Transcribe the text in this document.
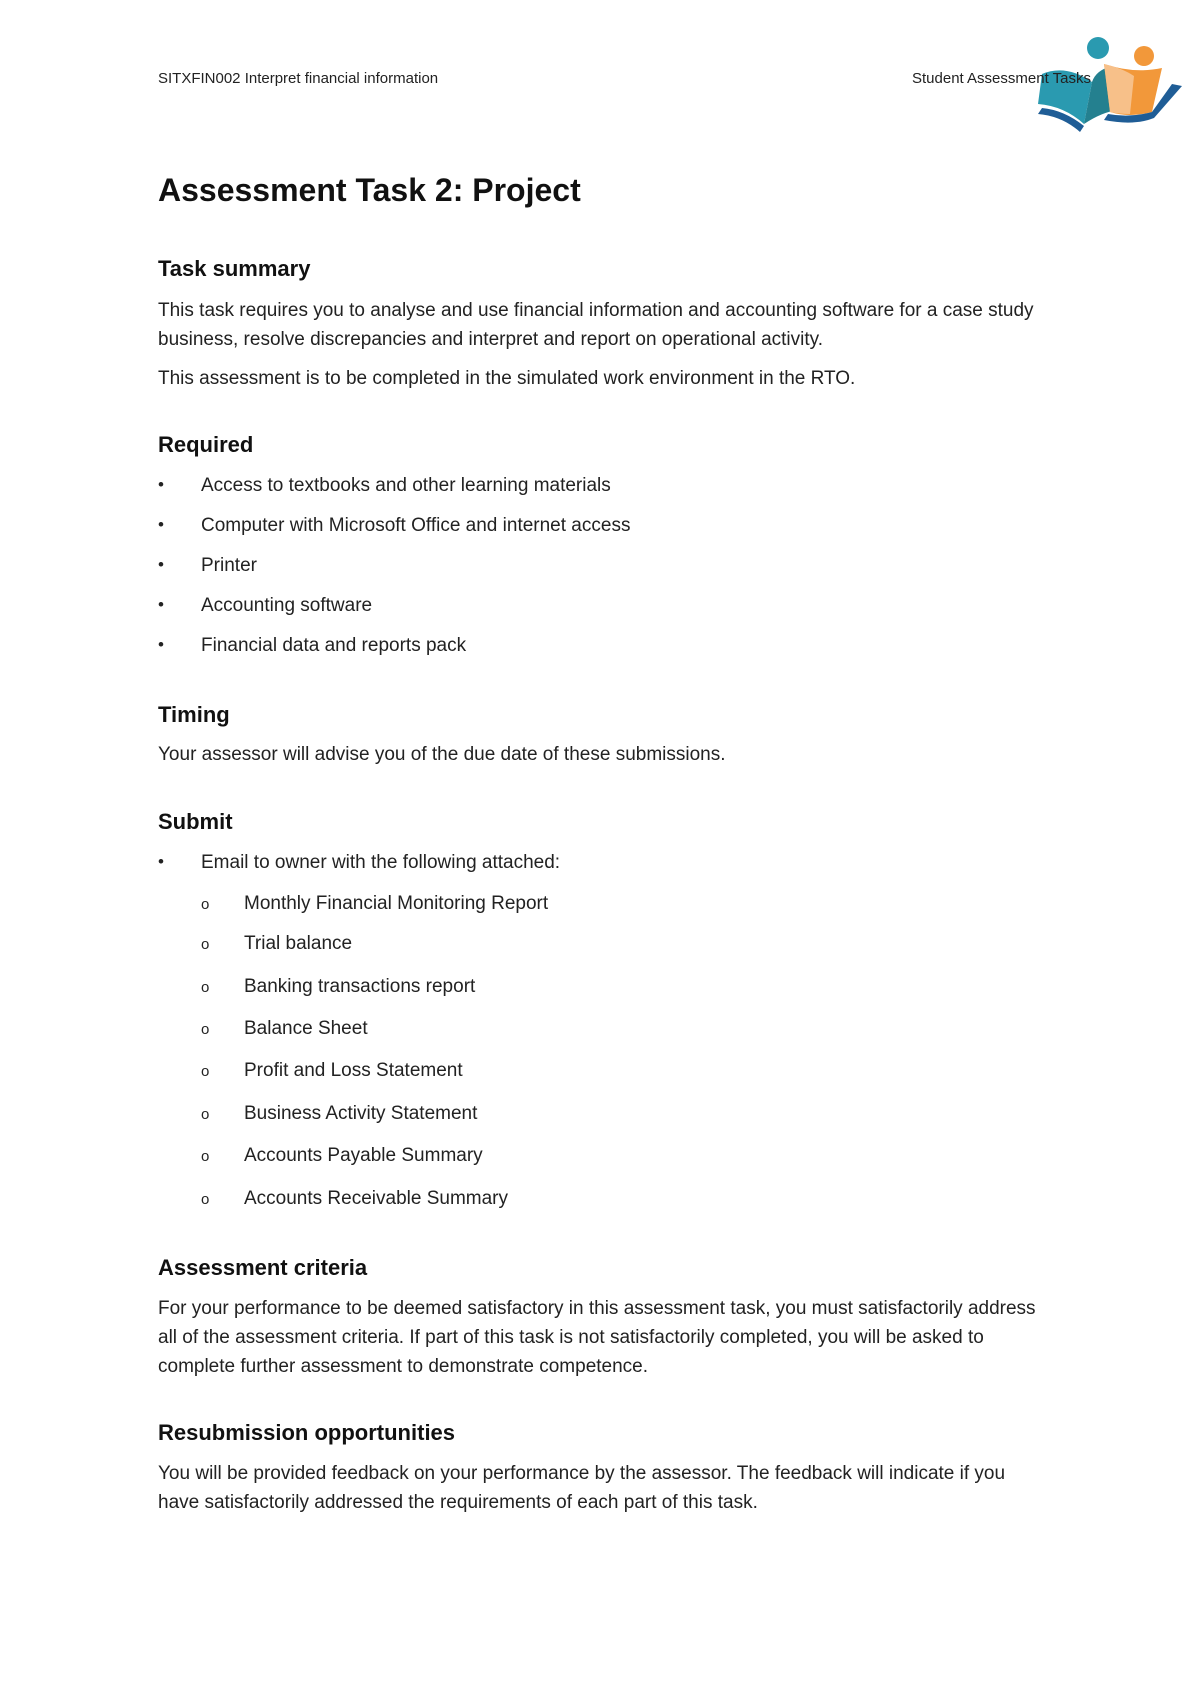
SITXFIN002 Interpret financial information	Student Assessment Tasks
Assessment Task 2: Project
Task summary

This task requires you to analyse and use financial information and accounting software for a case study business, resolve discrepancies and interpret and report on operational activity.

This assessment is to be completed in the simulated work environment in the RTO.

Required
• Access to textbooks and other learning materials
• Computer with Microsoft Office and internet access
• Printer
• Accounting software
• Financial data and reports pack
Timing

Your assessor will advise you of the due date of these submissions.

Submit
• Email to owner with the following attached:
o Monthly Financial Monitoring Report
o Trial balance
o Banking transactions report
o Balance Sheet
o Profit and Loss Statement
o Business Activity Statement
o Accounts Payable Summary
o Accounts Receivable Summary
Assessment criteria

For your performance to be deemed satisfactory in this assessment task, you must satisfactorily address all of the assessment criteria. If part of this task is not satisfactorily completed, you will be asked to complete further assessment to demonstrate competence.

Resubmission opportunities

You will be provided feedback on your performance by the assessor. The feedback will indicate if you have satisfactorily addressed the requirements of each part of this task.
